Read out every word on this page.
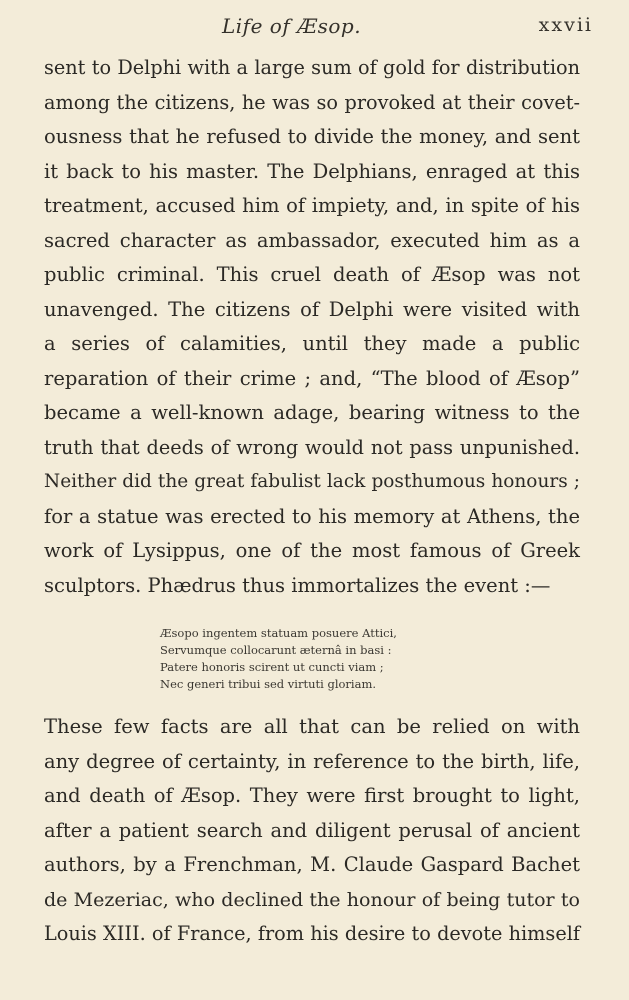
Life of Æsop.	xxvii
sent to Delphi with a large sum of gold for distribution
among the citizens, he was so provoked at their covet-
ousness that he refused to divide the money, and sent
it back to his master. The Delphians, enraged at this
treatment, accused him of impiety, and, in spite of his
sacred character as ambassador, executed him as a
public criminal. This cruel death of Æsop was not
unavenged. The citizens of Delphi were visited with
a series of calamities, until they made a public
reparation of their crime ; and, “The blood of Æsop”
became a well-known adage, bearing witness to the
truth that deeds of wrong would not pass unpunished.
Neither did the great fabulist lack posthumous honours ;
for a statue was erected to his memory at Athens, the
work of Lysippus, one of the most famous of Greek
sculptors. Phædrus thus immortalizes the event :—
Æsopo ingentem statuam posuere Attici,
Servumque collocarunt æternâ in basi :
Patere honoris scirent ut cuncti viam ;
Nec generi tribui sed virtuti gloriam.
These few facts are all that can be relied on with
any degree of certainty, in reference to the birth, life,
and death of Æsop. They were first brought to light,
after a patient search and diligent perusal of ancient
authors, by a Frenchman, M. Claude Gaspard Bachet
de Mezeriac, who declined the honour of being tutor to
Louis XIII. of France, from his desire to devote himself
